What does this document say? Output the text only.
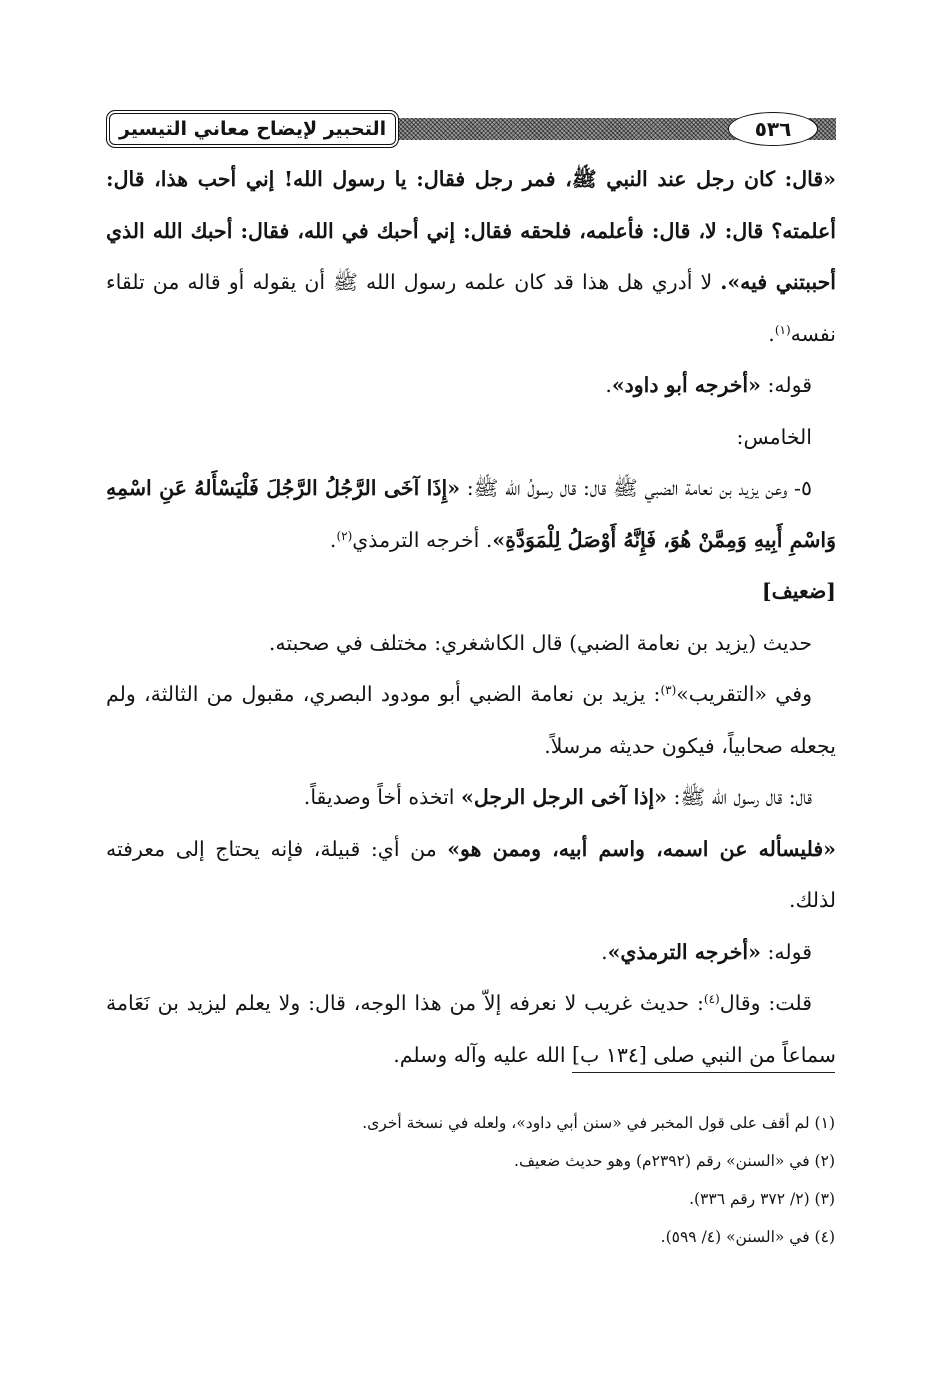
التحبير لإيضاح معاني التيسير	٥٣٦

«قال: كان رجل عند النبي ﷺ، فمر رجل فقال: يا رسول الله! إني أحب هذا، قال: أعلمته؟ قال: لا، قال: فأعلمه، فلحقه فقال: إني أحبك في الله، فقال: أحبك الله الذي أحببتني فيه». لا أدري هل هذا قد كان علمه رسول الله ﷺ أن يقوله أو قاله من تلقاء نفسه$^{(١)}$.

قوله: «أخرجه أبو داود».

الخامس:

٥- وعن يزيد بن نعامة الضبي ﷺ قال: قال رسولُ الله ﷺ: «إِذَا آخَى الرَّجُلُ الرَّجُلَ فَلْيَسْأَلهُ عَنِ اسْمِهِ وَاسْمِ أَبِيهِ وَمِمَّنْ هُوَ، فَإِنَّهُ أَوْصَلُ لِلْمَوَدَّةِ». أخرجه الترمذي$^{(٢)}$.
[ضعيف]

حديث (يزيد بن نعامة الضبي) قال الكاشغري: مختلف في صحبته.

وفي «التقريب»$^{(٣)}$: يزيد بن نعامة الضبي أبو مودود البصري، مقبول من الثالثة، ولم يجعله صحابياً، فيكون حديثه مرسلاً.

قال: قال رسول الله ﷺ: «إذا آخى الرجل الرجل» اتخذه أخاً وصديقاً.

«فليسأله عن اسمه، واسم أبيه، وممن هو» من أي: قبيلة، فإنه يحتاج إلى معرفته لذلك.

قوله: «أخرجه الترمذي».

قلت: وقال$^{(٤)}$: حديث غريب لا نعرفه إلاّ من هذا الوجه، قال: ولا يعلم ليزيد بن نَعَامة سماعاً من النبي صلى [١٣٤ ب] الله عليه وآله وسلم.

(١) لم أقف على قول المخبر في «سنن أبي داود»، ولعله في نسخة أخرى.

(٢) في «السنن» رقم (٢٣٩٢م) وهو حديث ضعيف.

(٣) (٢/ ٣٧٢ رقم ٣٣٦).

(٤) في «السنن» (٤/ ٥٩٩).
